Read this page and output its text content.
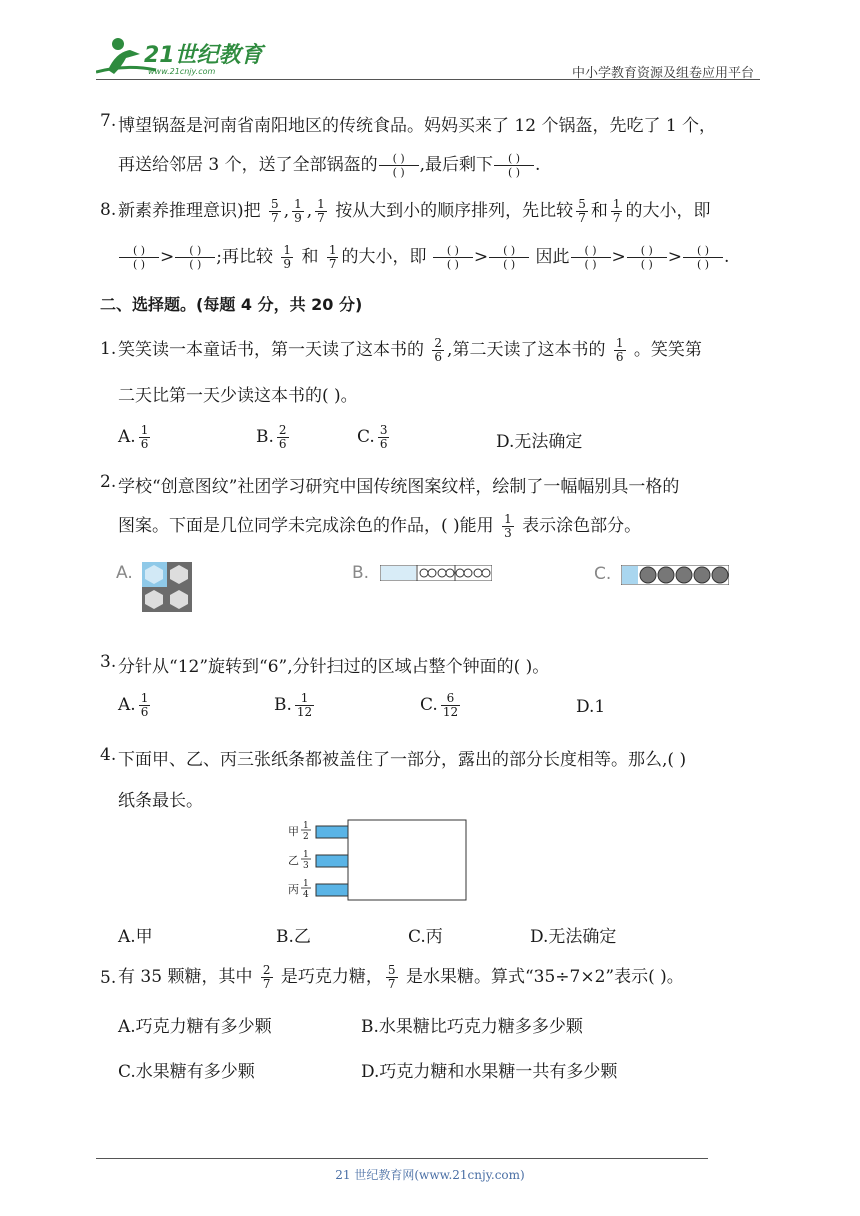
21世纪教育
www.21cnjy.com	中小学教育资源及组卷应用平台
7. 博望锅盔是河南省南阳地区的传统食品。妈妈买来了 12 个锅盔，先吃了 1 个，
再送给邻居 3 个，送了全部锅盔的	( )
( ) ,最后剩下	( )
( ) .
8. 新素养推理意识)把 $\frac{5}{7}$ , $\frac{1}{9}$ , $\frac{1}{7}$ 按从大到小的顺序排列，先比较 $\frac{5}{7}$ 和 $\frac{1}{7}$ 的大小，即
( )
( ) >	( )
( ) ;再比较 $\frac{1}{9}$ 和 $\frac{1}{7}$ 的大小，即	( )
( ) >	( )
( )	因此	( )
( ) >	( )
( ) >	( )
( ) .
二、选择题。(每题 4 分，共 20 分)
1. 笑笑读一本童话书，第一天读了这本书的 $\frac{2}{6}$ ,第二天读了这本书的 $\frac{1}{6}$ 。笑笑第
二天比第一天少读这本书的( )。
A. $\frac{1}{6}$	B. $\frac{2}{6}$	C. $\frac{3}{6}$	D.无法确定
2. 学校“创意图纹”社团学习研究中国传统图案纹样，绘制了一幅幅别具一格的
图案。下面是几位同学未完成涂色的作品，( )能用 $\frac{1}{3}$ 表示涂色部分。
A.	B.	C.
3. 分针从“12”旋转到“6”,分针扫过的区域占整个钟面的( )。
A. $\frac{1}{6}$	B. $\frac{1}{12}$	C. $\frac{6}{12}$	D.1
4. 下面甲、乙、丙三张纸条都被盖住了一部分，露出的部分长度相等。那么,( )
纸条最长。
甲 1
2
乙 1
3
丙 1
4
A.甲	B.乙	C.丙	D.无法确定
5. 有 35 颗糖，其中 $\frac{2}{7}$ 是巧克力糖， $\frac{5}{7}$ 是水果糖。算式“35÷7×2”表示( )。
A.巧克力糖有多少颗	B.水果糖比巧克力糖多多少颗
C.水果糖有多少颗	D.巧克力糖和水果糖一共有多少颗
21 世纪教育网(www.21cnjy.com)
